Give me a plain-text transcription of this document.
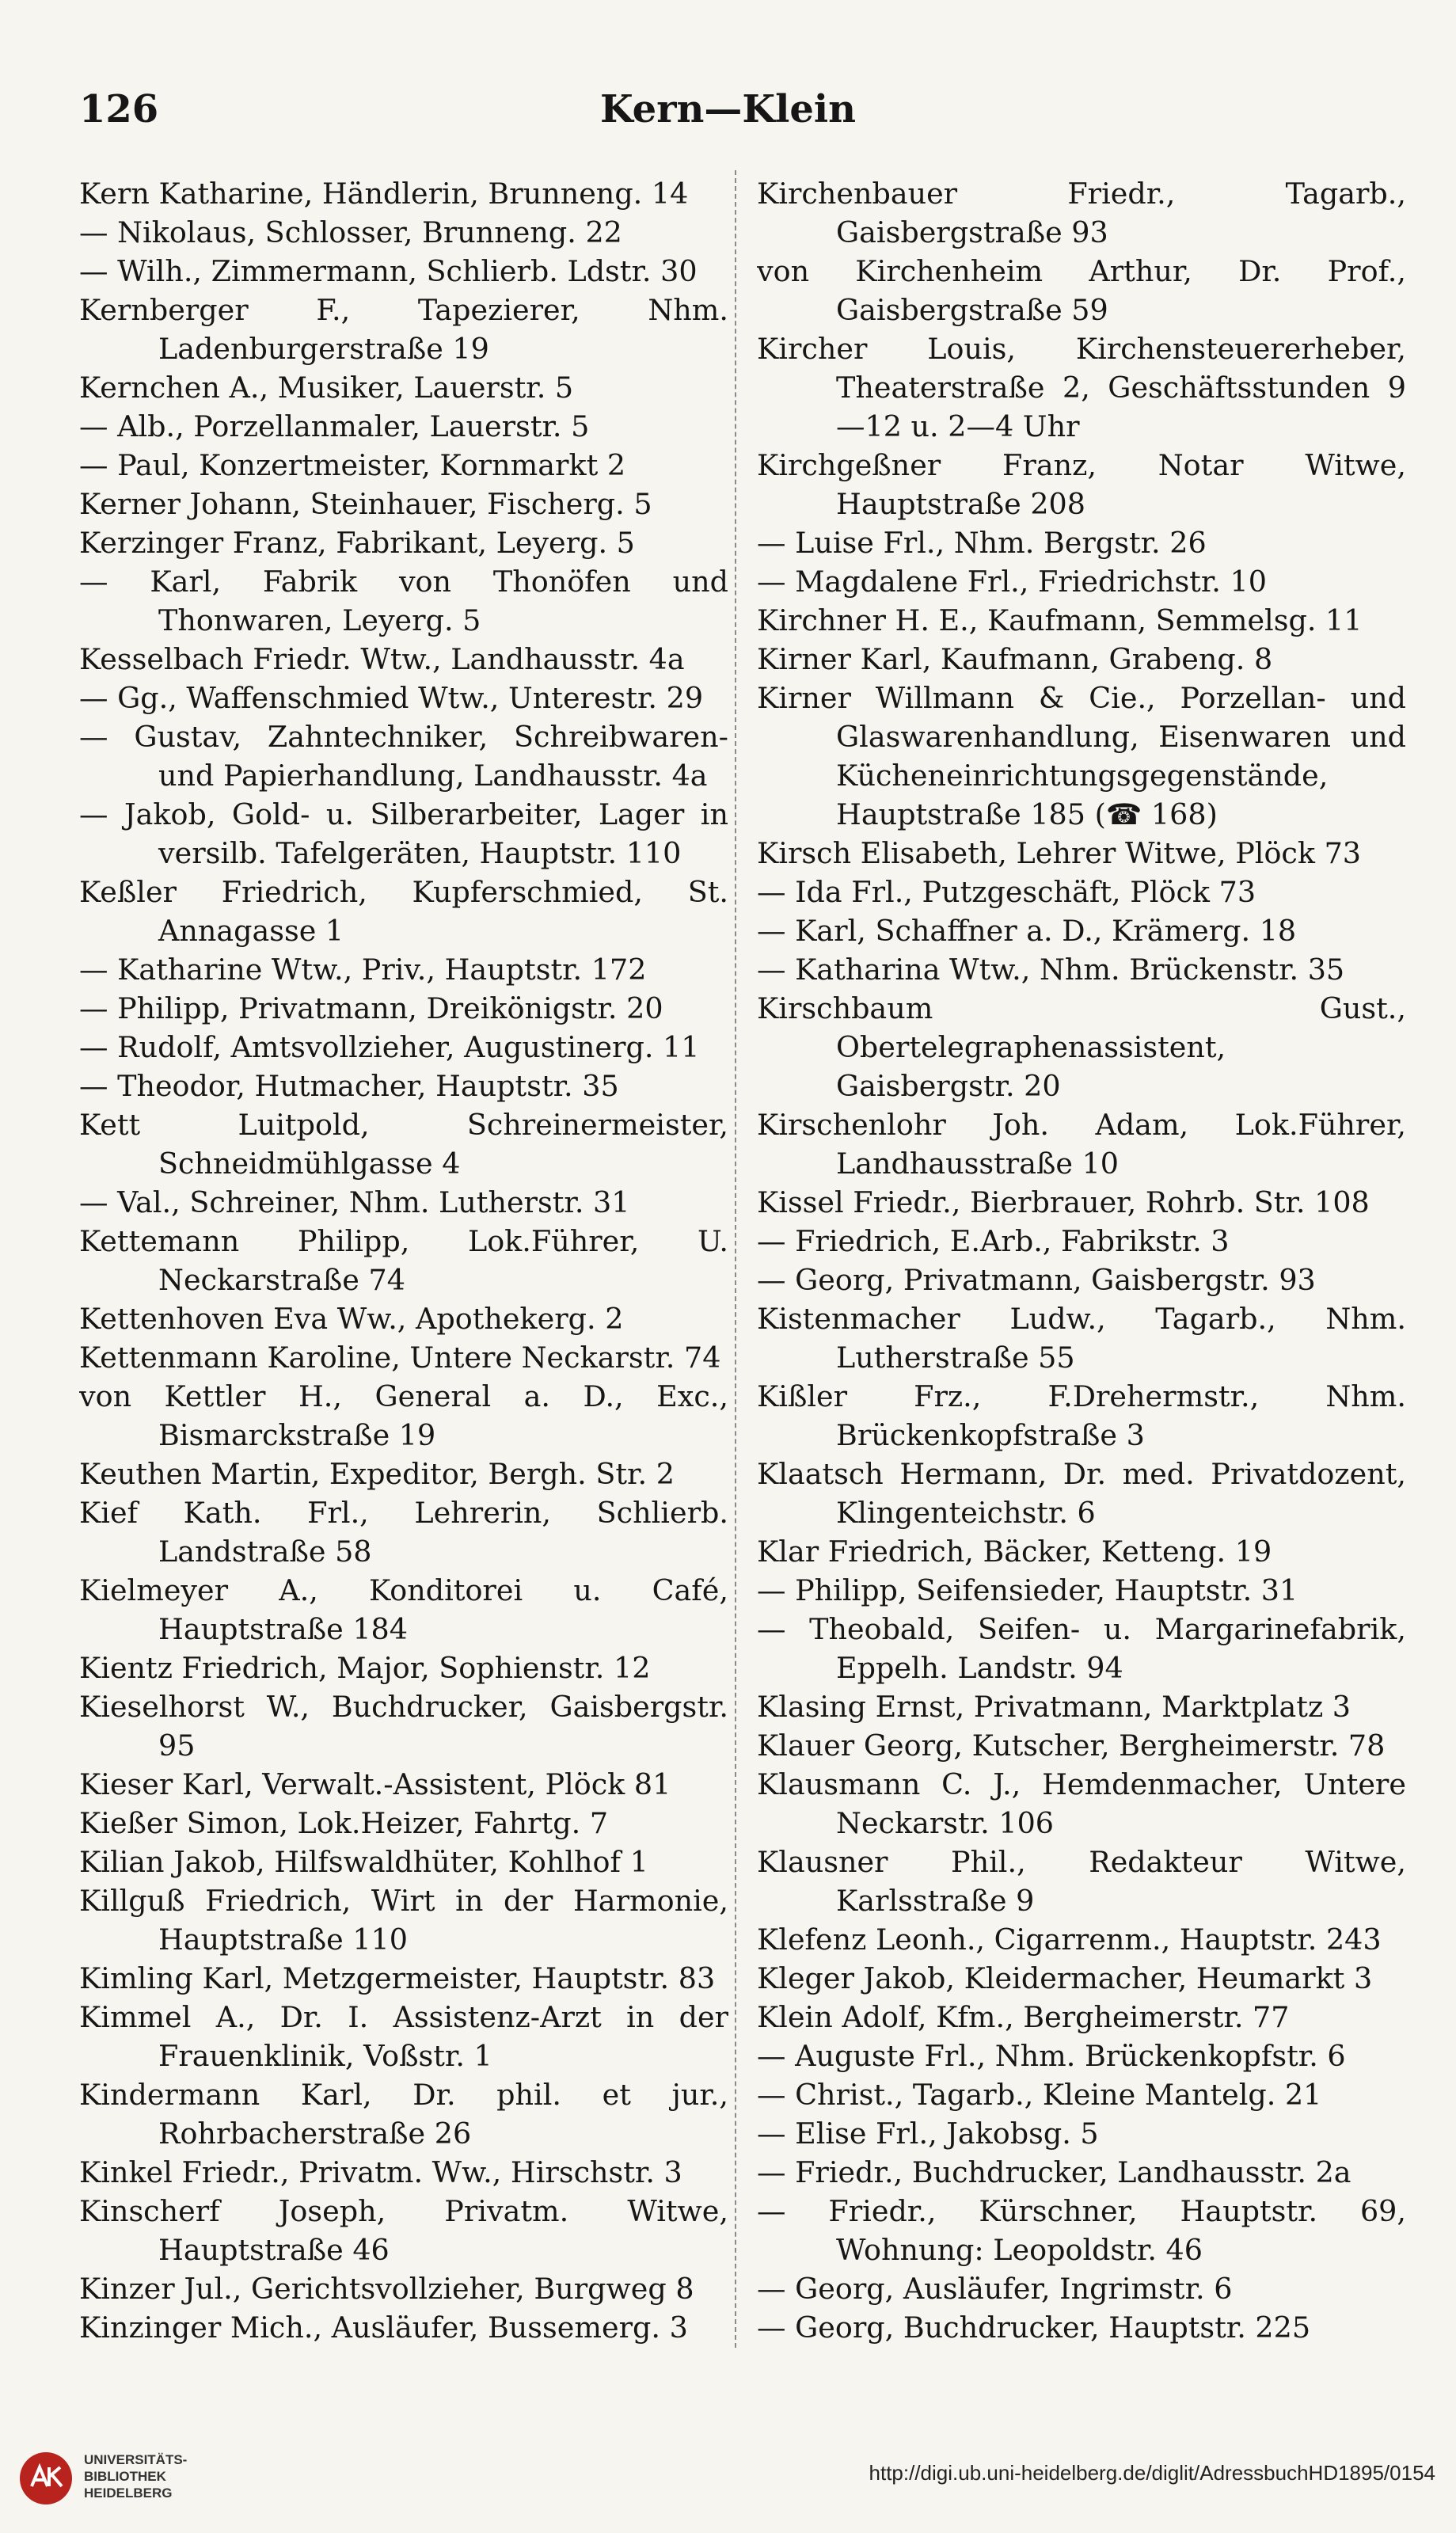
126	Kern—Klein

Kern Katharine, Händlerin, Brunneng. 14

— Nikolaus, Schlosser, Brunneng. 22

— Wilh., Zimmermann, Schlierb. Ldstr. 30

Kernberger F., Tapezierer, Nhm. Ladenburgerstraße 19

Kernchen A., Musiker, Lauerstr. 5

— Alb., Porzellanmaler, Lauerstr. 5

— Paul, Konzertmeister, Kornmarkt 2

Kerner Johann, Steinhauer, Fischerg. 5

Kerzinger Franz, Fabrikant, Leyerg. 5

— Karl, Fabrik von Thonöfen und Thonwaren, Leyerg. 5

Kesselbach Friedr. Wtw., Landhausstr. 4a

— Gg., Waffenschmied Wtw., Unterestr. 29

— Gustav, Zahntechniker, Schreibwaren- und Papierhandlung, Landhausstr. 4a

— Jakob, Gold- u. Silberarbeiter, Lager in versilb. Tafelgeräten, Hauptstr. 110

Keßler Friedrich, Kupferschmied, St. Annagasse 1

— Katharine Wtw., Priv., Hauptstr. 172

— Philipp, Privatmann, Dreikönigstr. 20

— Rudolf, Amtsvollzieher, Augustinerg. 11

— Theodor, Hutmacher, Hauptstr. 35

Kett Luitpold, Schreinermeister, Schneidmühlgasse 4

— Val., Schreiner, Nhm. Lutherstr. 31

Kettemann Philipp, Lok.Führer, U. Neckarstraße 74

Kettenhoven Eva Ww., Apothekerg. 2

Kettenmann Karoline, Untere Neckarstr. 74

von Kettler H., General a. D., Exc., Bismarckstraße 19

Keuthen Martin, Expeditor, Bergh. Str. 2

Kief Kath. Frl., Lehrerin, Schlierb. Landstraße 58

Kielmeyer A., Konditorei u. Café, Hauptstraße 184

Kientz Friedrich, Major, Sophienstr. 12

Kieselhorst W., Buchdrucker, Gaisbergstr. 95

Kieser Karl, Verwalt.-Assistent, Plöck 81

Kießer Simon, Lok.Heizer, Fahrtg. 7

Kilian Jakob, Hilfswaldhüter, Kohlhof 1

Killguß Friedrich, Wirt in der Harmonie, Hauptstraße 110

Kimling Karl, Metzgermeister, Hauptstr. 83

Kimmel A., Dr. I. Assistenz-Arzt in der Frauenklinik, Voßstr. 1

Kindermann Karl, Dr. phil. et jur., Rohrbacherstraße 26

Kinkel Friedr., Privatm. Ww., Hirschstr. 3

Kinscherf Joseph, Privatm. Witwe, Hauptstraße 46

Kinzer Jul., Gerichtsvollzieher, Burgweg 8

Kinzinger Mich., Ausläufer, Bussemerg. 3

Kirchenbauer Friedr., Tagarb., Gaisbergstraße 93

von Kirchenheim Arthur, Dr. Prof., Gaisbergstraße 59

Kircher Louis, Kirchensteuererheber, Theaterstraße 2, Geschäftsstunden 9—12 u. 2—4 Uhr

Kirchgeßner Franz, Notar Witwe, Hauptstraße 208

— Luise Frl., Nhm. Bergstr. 26

— Magdalene Frl., Friedrichstr. 10

Kirchner H. E., Kaufmann, Semmelsg. 11

Kirner Karl, Kaufmann, Grabeng. 8

Kirner Willmann & Cie., Porzellan- und Glaswarenhandlung, Eisenwaren und Kücheneinrichtungsgegenstände, Hauptstraße 185 (☎ 168)

Kirsch Elisabeth, Lehrer Witwe, Plöck 73

— Ida Frl., Putzgeschäft, Plöck 73

— Karl, Schaffner a. D., Krämerg. 18

— Katharina Wtw., Nhm. Brückenstr. 35

Kirschbaum Gust., Obertelegraphenassistent, Gaisbergstr. 20

Kirschenlohr Joh. Adam, Lok.Führer, Landhausstraße 10

Kissel Friedr., Bierbrauer, Rohrb. Str. 108

— Friedrich, E.Arb., Fabrikstr. 3

— Georg, Privatmann, Gaisbergstr. 93

Kistenmacher Ludw., Tagarb., Nhm. Lutherstraße 55

Kißler Frz., F.Drehermstr., Nhm. Brückenkopfstraße 3

Klaatsch Hermann, Dr. med. Privatdozent, Klingenteichstr. 6

Klar Friedrich, Bäcker, Ketteng. 19

— Philipp, Seifensieder, Hauptstr. 31

— Theobald, Seifen- u. Margarinefabrik, Eppelh. Landstr. 94

Klasing Ernst, Privatmann, Marktplatz 3

Klauer Georg, Kutscher, Bergheimerstr. 78

Klausmann C. J., Hemdenmacher, Untere Neckarstr. 106

Klausner Phil., Redakteur Witwe, Karlsstraße 9

Klefenz Leonh., Cigarrenm., Hauptstr. 243

Kleger Jakob, Kleidermacher, Heumarkt 3

Klein Adolf, Kfm., Bergheimerstr. 77

— Auguste Frl., Nhm. Brückenkopfstr. 6

— Christ., Tagarb., Kleine Mantelg. 21

— Elise Frl., Jakobsg. 5

— Friedr., Buchdrucker, Landhausstr. 2a

— Friedr., Kürschner, Hauptstr. 69, Wohnung: Leopoldstr. 46

— Georg, Ausläufer, Ingrimstr. 6

— Georg, Buchdrucker, Hauptstr. 225

UNIVERSITÄTS-
BIBLIOTHEK
HEIDELBERG
http://digi.ub.uni-heidelberg.de/diglit/AdressbuchHD1895/0154
